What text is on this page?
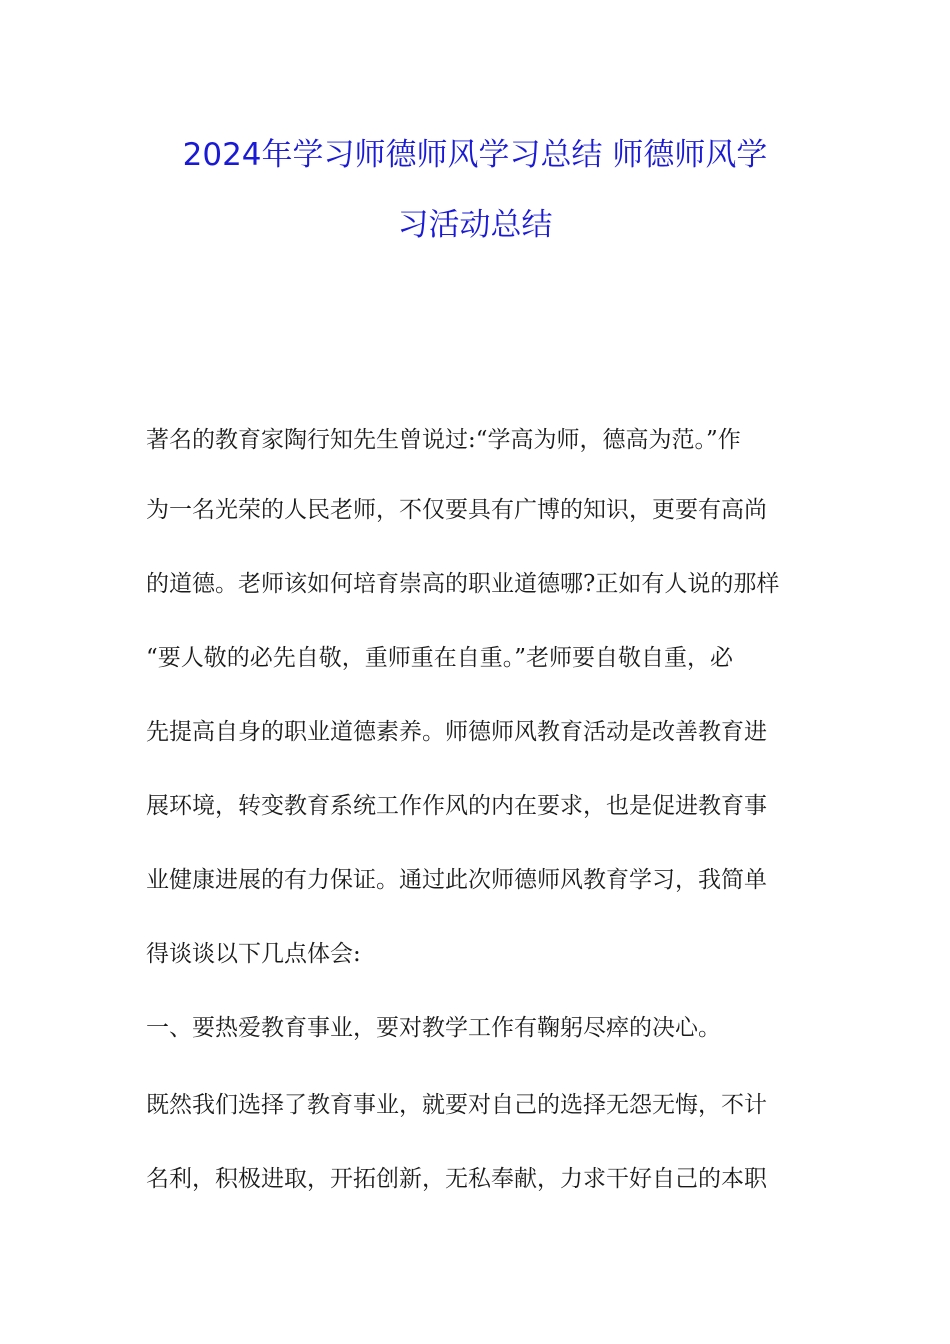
2024年学习师德师风学习总结 师德师风学
习活动总结

著名的教育家陶行知先生曾说过:“学高为师，德高为范。”作

为一名光荣的人民老师，不仅要具有广博的知识，更要有高尚

的道德。老师该如何培育崇高的职业道德哪?正如有人说的那样

“要人敬的必先自敬，重师重在自重。”老师要自敬自重，必

先提高自身的职业道德素养。师德师风教育活动是改善教育进

展环境，转变教育系统工作作风的内在要求，也是促进教育事

业健康进展的有力保证。通过此次师德师风教育学习，我简单

得谈谈以下几点体会:

一、要热爱教育事业，要对教学工作有鞠躬尽瘁的决心。

既然我们选择了教育事业，就要对自己的选择无怨无悔，不计

名利，积极进取，开拓创新，无私奉献，力求干好自己的本职
